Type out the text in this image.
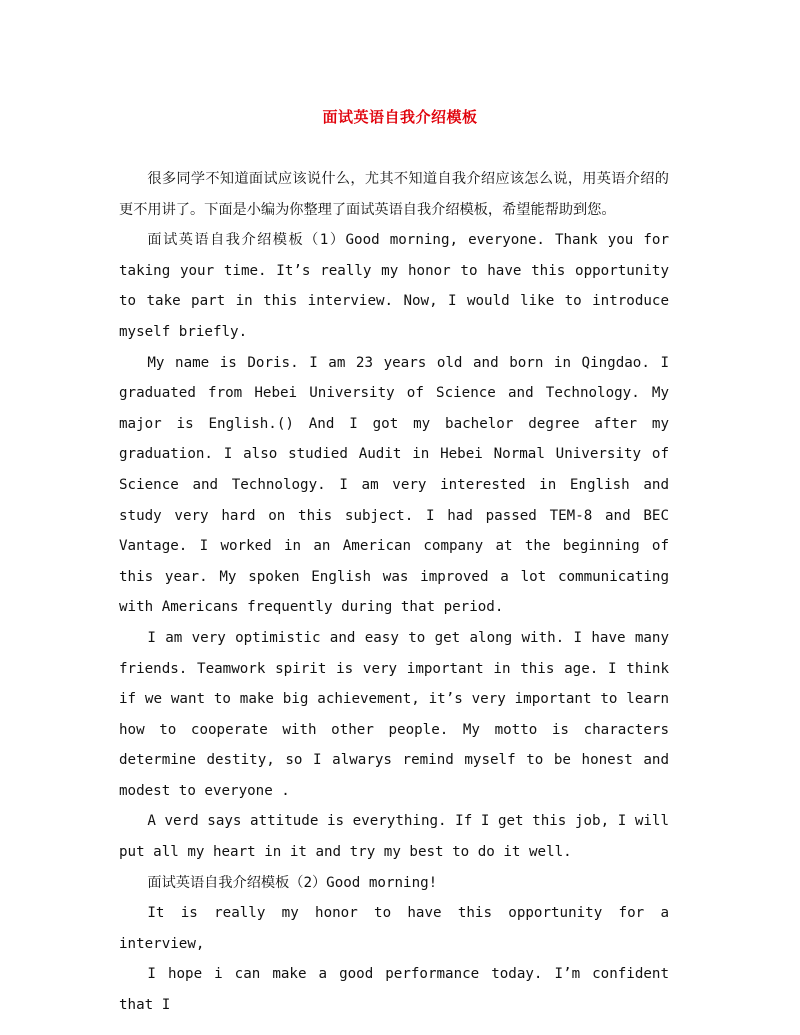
面试英语自我介绍模板

很多同学不知道面试应该说什么，尤其不知道自我介绍应该怎么说，用英语介绍的更不用讲了。下面是小编为你整理了面试英语自我介绍模板，希望能帮助到您。

面试英语自我介绍模板（1）Good morning, everyone. Thank you for taking your time. It’s really my honor to have this opportunity to take part in this interview. Now, I would like to introduce myself briefly.

My name is Doris. I am 23 years old and born in Qingdao. I graduated from Hebei University of Science and Technology. My major is English.() And I got my bachelor degree after my graduation. I also studied Audit in Hebei Normal University of Science and Technology. I am very interested in English and study very hard on this subject. I had passed TEM-8 and BEC Vantage. I worked in an American company at the beginning of this year. My spoken English was improved a lot communicating with Americans frequently during that period.

I am very optimistic and easy to get along with. I have many friends. Teamwork spirit is very important in this age. I think if we want to make big achievement, it’s very important to learn how to cooperate with other people. My motto is characters determine destity, so I alwarys remind myself to be honest and modest to everyone .

A verd says attitude is everything. If I get this job, I will put all my heart in it and try my best to do it well.

面试英语自我介绍模板（2）Good morning!

It is really my honor to have this opportunity for a interview,

I hope i can make a good performance today. I’m confident that I
